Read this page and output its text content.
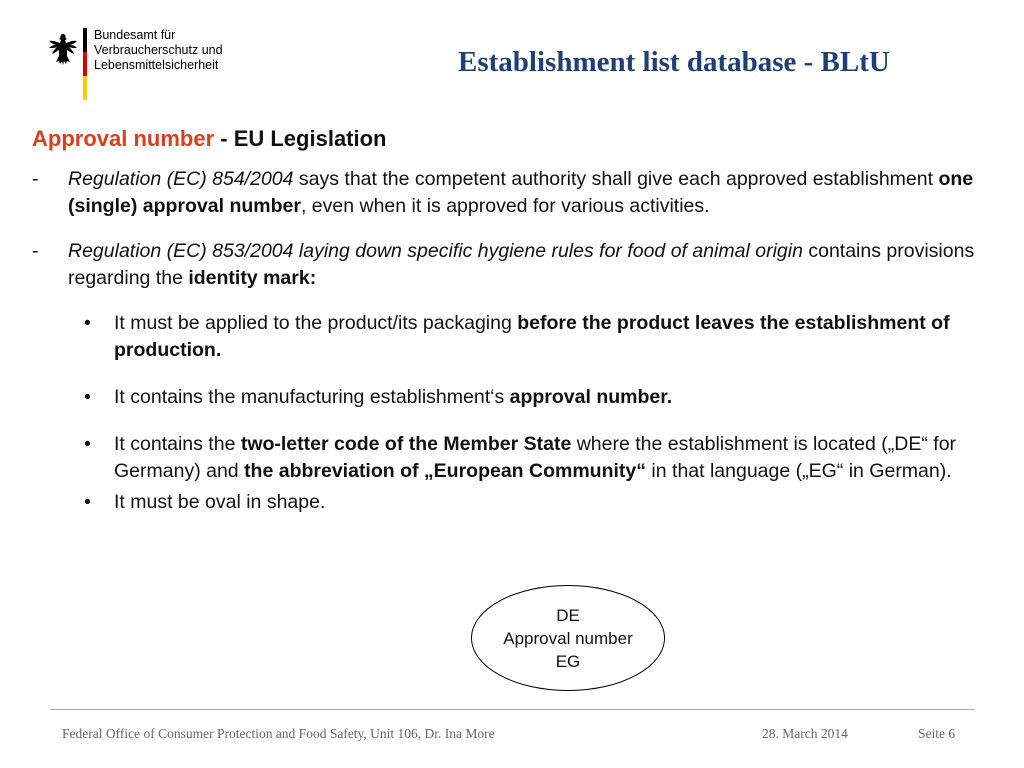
Bundesamt für
Verbraucherschutz und
Lebensmittelsicherheit	Establishment list database - BLtU
Approval number - EU Legislation
- Regulation (EC) 854/2004 says that the competent authority shall give each approved establishment one (single) approval number, even when it is approved for various activities.
- Regulation (EC) 853/2004 laying down specific hygiene rules for food of animal origin contains provisions regarding the identity mark:
• It must be applied to the product/its packaging before the product leaves the establishment of production.
• It contains the manufacturing establishment‘s approval number.
• It contains the two-letter code of the Member State where the establishment is located („DE“ for Germany) and the abbreviation of „European Community“ in that language („EG“ in German).
• It must be oval in shape.
DE
Approval number
EG
Federal Office of Consumer Protection and Food Safety, Unit 106, Dr. Ina More	28. March 2014	Seite 6
